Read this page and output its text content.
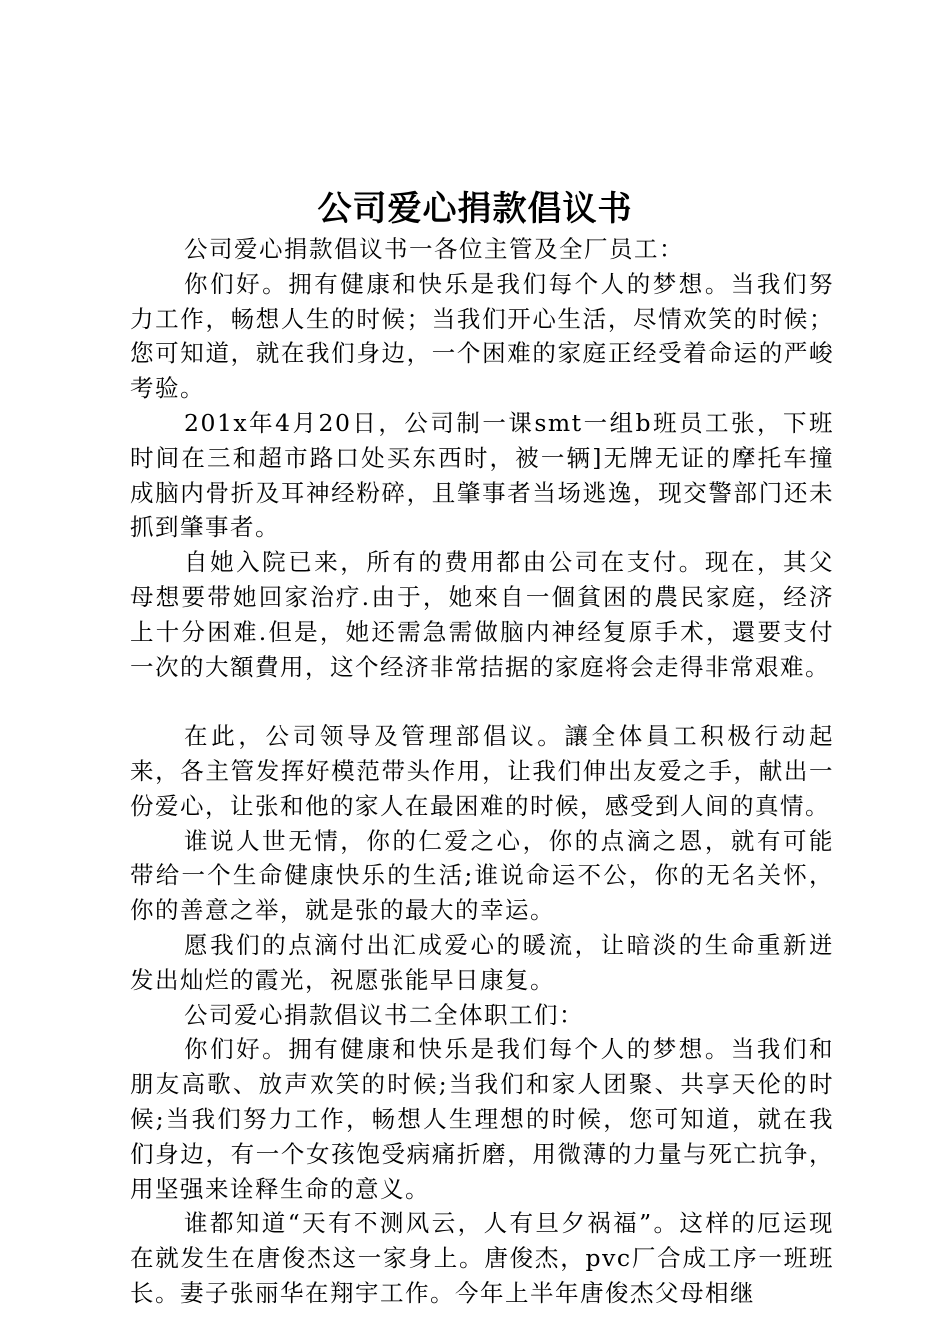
公司爱心捐款倡议书

公司爱心捐款倡议书一各位主管及全厂员工：

你们好。拥有健康和快乐是我们每个人的梦想。当我们努力工作，畅想人生的时候；当我们开心生活，尽情欢笑的时候；您可知道，就在我们身边，一个困难的家庭正经受着命运的严峻考验。

201x年4月20日，公司制一课smt一组b班员工张，下班时间在三和超市路口处买东西时，被一辆]无牌无证的摩托车撞成脑内骨折及耳神经粉碎，且肇事者当场逃逸，现交警部门还未抓到肇事者。

自她入院已来，所有的费用都由公司在支付。现在，其父母想要带她回家治疗.由于，她來自一個貧困的農民家庭，经济上十分困难.但是，她还需急需做脑内神经复原手术，還要支付一次的大額費用，这个经济非常拮据的家庭将会走得非常艰难。

在此，公司领导及管理部倡议。讓全体員工积极行动起来，各主管发挥好模范带头作用，让我们伸出友爱之手，献出一份爱心，让张和他的家人在最困难的时候，感受到人间的真情。

谁说人世无情，你的仁爱之心，你的点滴之恩，就有可能带给一个生命健康快乐的生活;谁说命运不公，你的无名关怀，你的善意之举，就是张的最大的幸运。

愿我们的点滴付出汇成爱心的暖流，让暗淡的生命重新迸发出灿烂的霞光，祝愿张能早日康复。

公司爱心捐款倡议书二全体职工们：

你们好。拥有健康和快乐是我们每个人的梦想。当我们和朋友高歌、放声欢笑的时候;当我们和家人团聚、共享天伦的时候;当我们努力工作，畅想人生理想的时候，您可知道，就在我们身边，有一个女孩饱受病痛折磨，用微薄的力量与死亡抗争，用坚强来诠释生命的意义。

谁都知道“天有不测风云，人有旦夕祸福”。这样的厄运现在就发生在唐俊杰这一家身上。唐俊杰，pvc厂合成工序一班班长。妻子张丽华在翔宇工作。今年上半年唐俊杰父母相继
